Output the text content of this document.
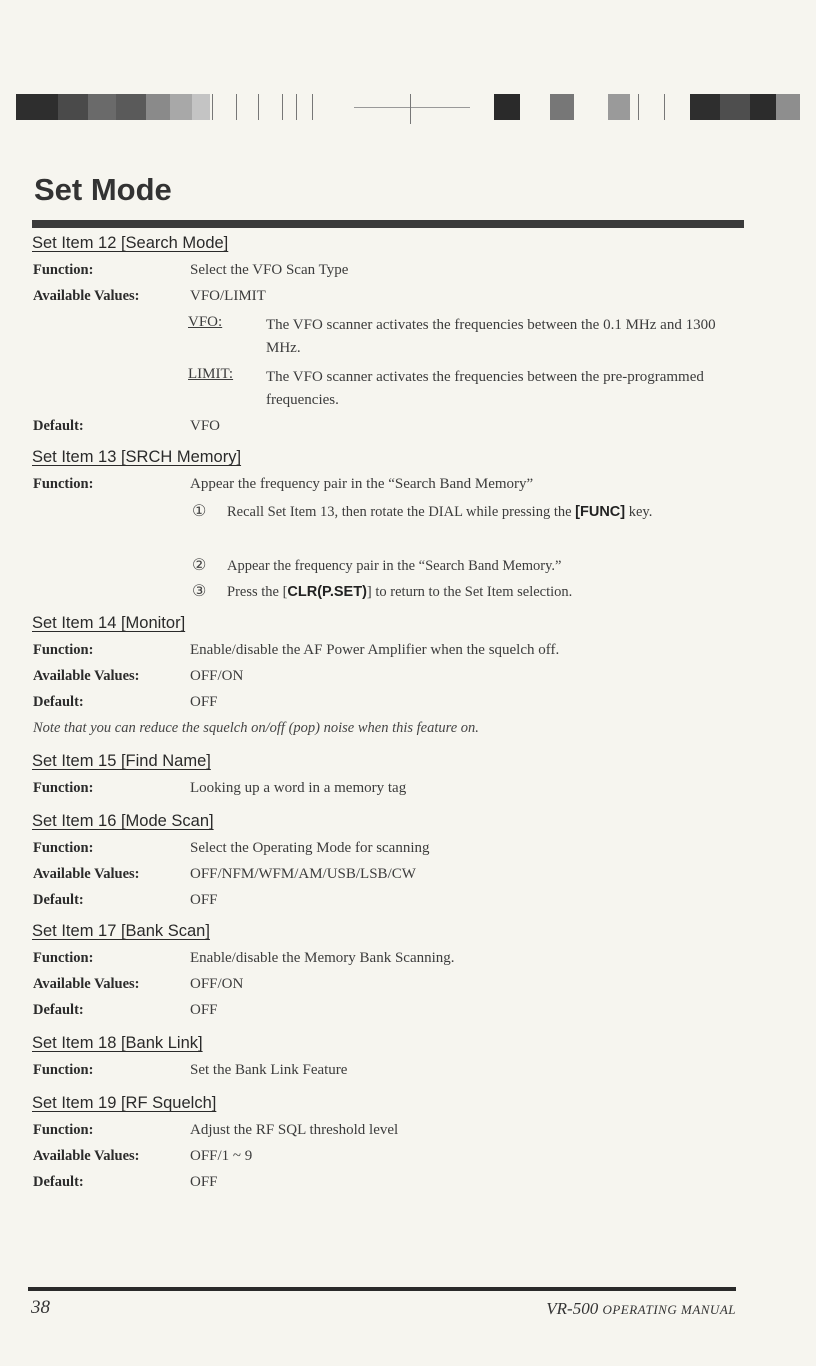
Set Mode
Set Item 12 [Search Mode]
Function:	Select the VFO Scan Type
Available Values:	VFO/LIMIT
VFO:	The VFO scanner activates the frequencies between the 0.1 MHz and 1300 MHz.
LIMIT: The VFO scanner activates the frequencies between the pre-programmed frequencies.
Default:	VFO
Set Item 13 [SRCH Memory]
Function:	Appear the frequency pair in the “Search Band Memory”
① Recall Set Item 13, then rotate the DIAL while pressing the [FUNC] key.
② Appear the frequency pair in the “Search Band Memory.”
③ Press the [CLR(P.SET)] to return to the Set Item selection.
Set Item 14 [Monitor]
Function:	Enable/disable the AF Power Amplifier when the squelch off.
Available Values:	OFF/ON
Default:	OFF
Note that you can reduce the squelch on/off (pop) noise when this feature on.
Set Item 15 [Find Name]
Function:	Looking up a word in a memory tag
Set Item 16 [Mode Scan]
Function:	Select the Operating Mode for scanning
Available Values:	OFF/NFM/WFM/AM/USB/LSB/CW
Default:	OFF
Set Item 17 [Bank Scan]
Function:	Enable/disable the Memory Bank Scanning.
Available Values:	OFF/ON
Default:	OFF
Set Item 18 [Bank Link]
Function:	Set the Bank Link Feature
Set Item 19 [RF Squelch]
Function:	Adjust the RF SQL threshold level
Available Values:	OFF/1 ~ 9
Default:	OFF
38	VR-500 OPERATING MANUAL
